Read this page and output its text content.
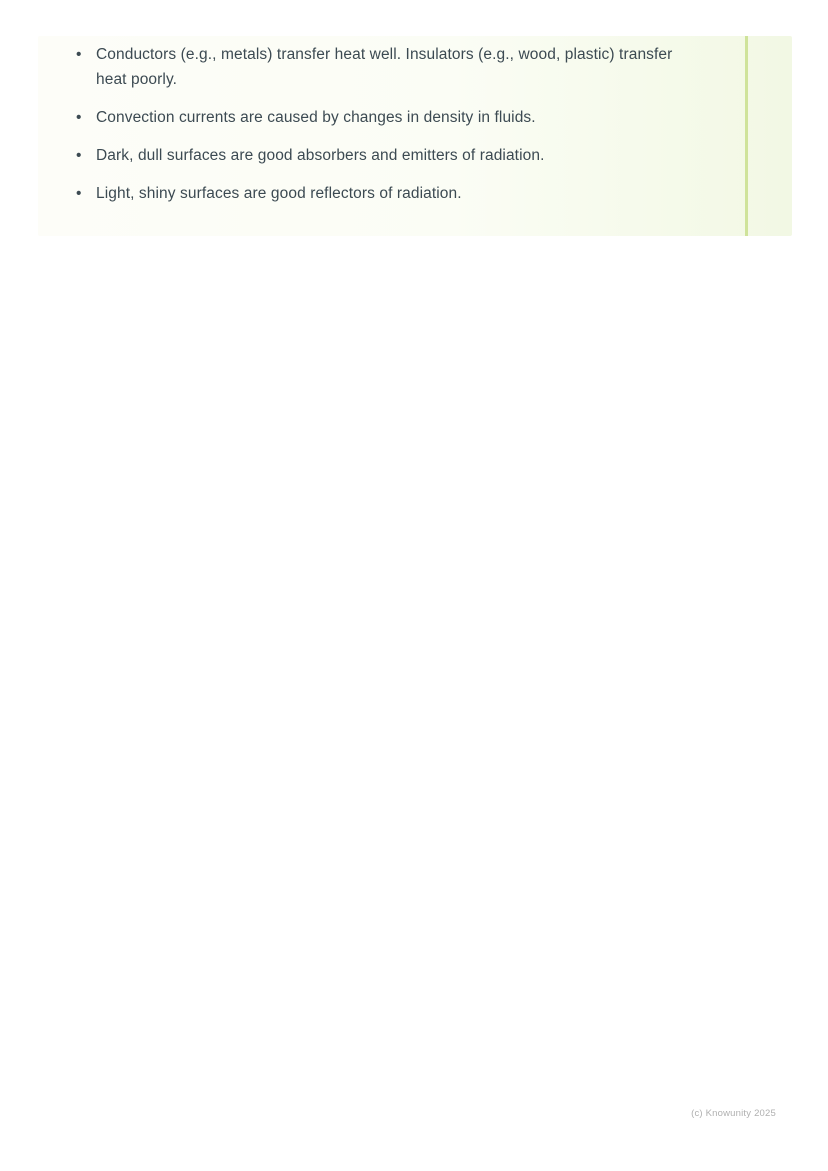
• Conductors (e.g., metals) transfer heat well. Insulators (e.g., wood, plastic) transfer heat poorly.
• Convection currents are caused by changes in density in fluids.
• Dark, dull surfaces are good absorbers and emitters of radiation.
• Light, shiny surfaces are good reflectors of radiation.
(c) Knowunity 2025
